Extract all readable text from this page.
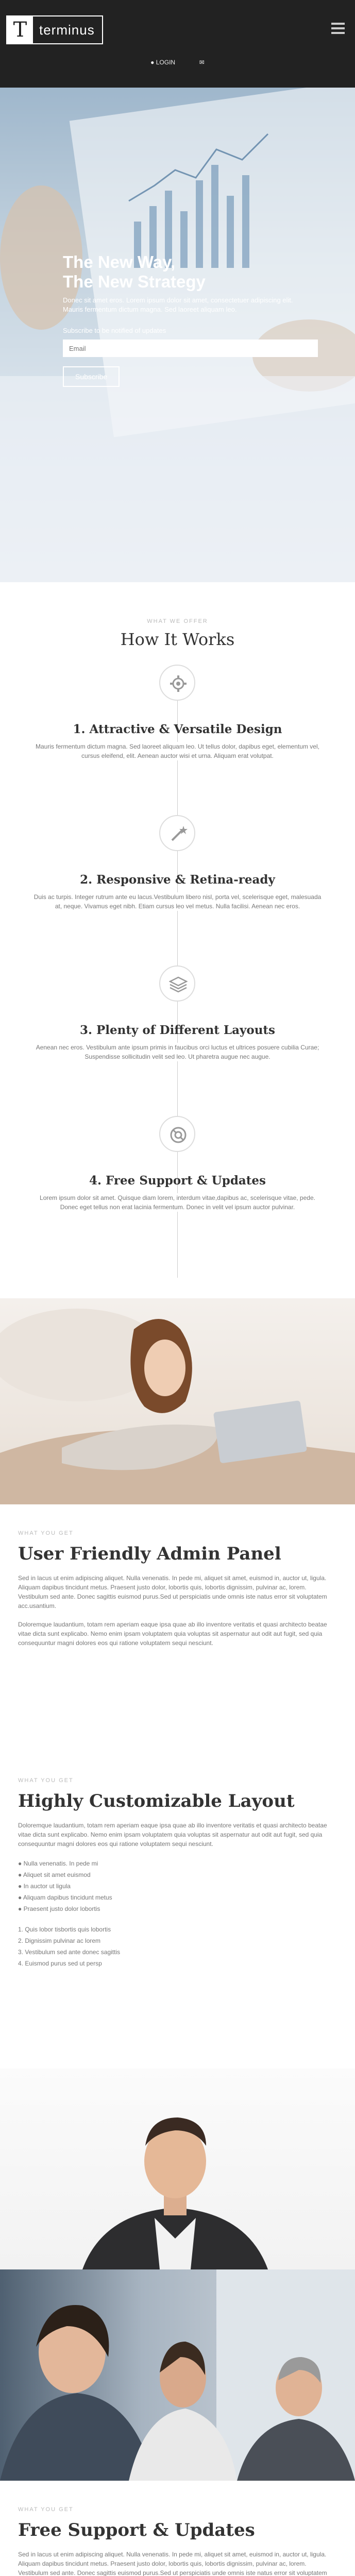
T terminus
● LOGIN	✉
The New Way,
The New Strategy

Donec sit amet eros. Lorem ipsum dolor sit amet, consectetuer adipiscing elit. Mauris fermentum dictum magna. Sed laoreet aliquam leo.

Subscribe to be notified of updates
Email
Subscribe
WHAT WE OFFER
How It Works
1. Attractive & Versatile Design

Mauris fermentum dictum magna. Sed laoreet aliquam leo. Ut tellus dolor, dapibus eget, elementum vel, cursus eleifend, elit. Aenean auctor wisi et urna. Aliquam erat volutpat.

2. Responsive & Retina-ready

Duis ac turpis. Integer rutrum ante eu lacus.Vestibulum libero nisl, porta vel, scelerisque eget, malesuada at, neque. Vivamus eget nibh. Etiam cursus leo vel metus. Nulla facilisi. Aenean nec eros.

3. Plenty of Different Layouts

Aenean nec eros. Vestibulum ante ipsum primis in faucibus orci luctus et ultrices posuere cubilia Curae; Suspendisse sollicitudin velit sed leo. Ut pharetra augue nec augue.

4. Free Support & Updates

Lorem ipsum dolor sit amet. Quisque diam lorem, interdum vitae,dapibus ac, scelerisque vitae, pede. Donec eget tellus non erat lacinia fermentum. Donec in velit vel ipsum auctor pulvinar.

WHAT YOU GET
User Friendly Admin Panel

Sed in lacus ut enim adipiscing aliquet. Nulla venenatis. In pede mi, aliquet sit amet, euismod in, auctor ut, ligula. Aliquam dapibus tincidunt metus. Praesent justo dolor, lobortis quis, lobortis dignissim, pulvinar ac, lorem. Vestibulum sed ante. Donec sagittis euismod purus.Sed ut perspiciatis unde omnis iste natus error sit voluptatem acc.usantium.

Doloremque laudantium, totam rem aperiam eaque ipsa quae ab illo inventore veritatis et quasi architecto beatae vitae dicta sunt explicabo. Nemo enim ipsam voluptatem quia voluptas sit aspernatur aut odit aut fugit, sed quia consequuntur magni dolores eos qui ratione voluptatem sequi nesciunt.

WHAT YOU GET
Highly Customizable Layout

Doloremque laudantium, totam rem aperiam eaque ipsa quae ab illo inventore veritatis et quasi architecto beatae vitae dicta sunt explicabo. Nemo enim ipsam voluptatem quia voluptas sit aspernatur aut odit aut fugit, sed quia consequuntur magni dolores eos qui ratione voluptatem sequi nesciunt.

● Nulla venenatis. In pede mi
● Aliquet sit amet euismod
● In auctor ut ligula
● Aliquam dapibus tincidunt metus
● Praesent justo dolor lobortis
1. Quis lobor tisbortis quis lobortis
2. Dignissim pulvinar ac lorem
3. Vestibulum sed ante donec sagittis
4. Euismod purus sed ut persp
WHAT YOU GET
Free Support & Updates

Sed in lacus ut enim adipiscing aliquet. Nulla venenatis. In pede mi, aliquet sit amet, euismod in, auctor ut, ligula. Aliquam dapibus tincidunt metus. Praesent justo dolor, lobortis quis, lobortis dignissim, pulvinar ac, lorem. Vestibulum sed ante. Donec sagittis euismod purus.Sed ut perspiciatis unde omnis iste natus error sit voluptatem
